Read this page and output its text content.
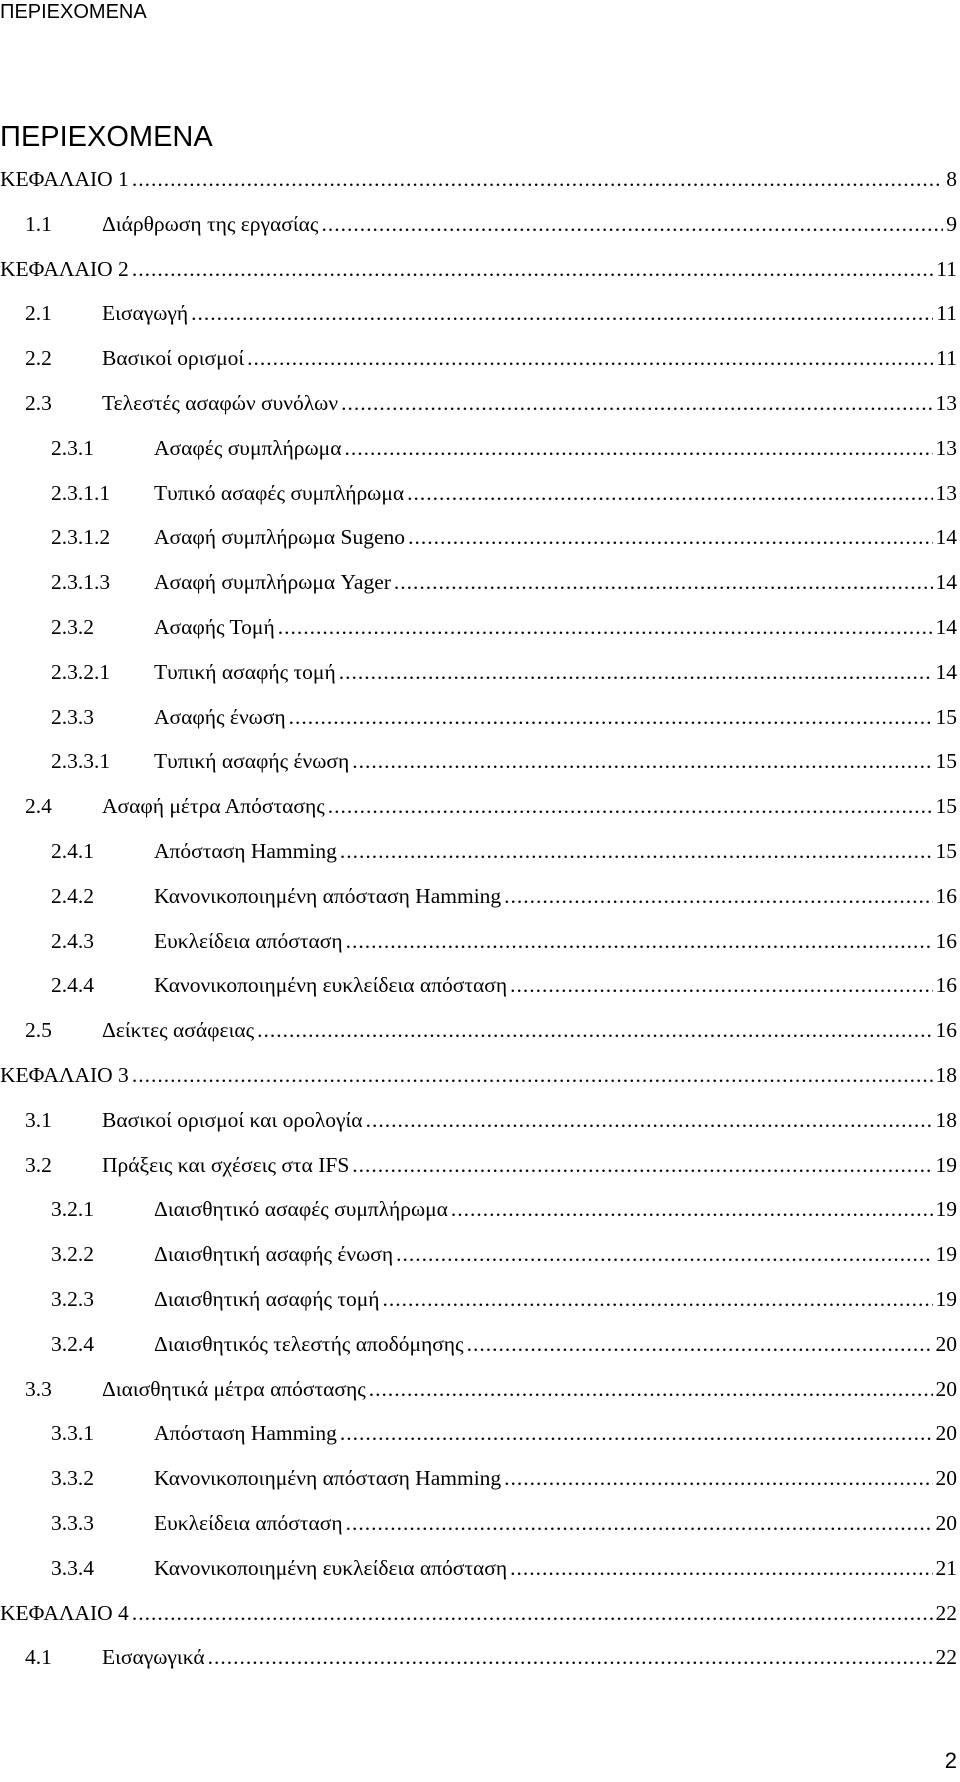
ΠΕΡΙΕΧΟΜΕΝΑ
ΠΕΡΙΕΧΟΜΕΝΑ
ΚΕΦΑΛΑΙΟ 1 .....	8
1.1	Διάρθρωση της εργασίας .....	9
ΚΕΦΑΛΑΙΟ 2 .....	11
2.1	Εισαγωγή .....	11
2.2	Βασικοί ορισμοί .....	11
2.3	Τελεστές ασαφών συνόλων .....	13
2.3.1	Ασαφές συμπλήρωμα .....	13
2.3.1.1	Τυπικό ασαφές συμπλήρωμα .....	13
2.3.1.2	Ασαφή συμπλήρωμα Sugeno .....	14
2.3.1.3	Ασαφή συμπλήρωμα Yager .....	14
2.3.2	Ασαφής Τομή .....	14
2.3.2.1	Τυπική ασαφής τομή .....	14
2.3.3	Ασαφής ένωση .....	15
2.3.3.1	Τυπική ασαφής ένωση .....	15
2.4	Ασαφή μέτρα Απόστασης .....	15
2.4.1	Απόσταση Hamming .....	15
2.4.2	Κανονικοποιημένη απόσταση Hamming .....	16
2.4.3	Ευκλείδεια απόσταση .....	16
2.4.4	Κανονικοποιημένη ευκλείδεια απόσταση .....	16
2.5	Δείκτες ασάφειας .....	16
ΚΕΦΑΛΑΙΟ 3 .....	18
3.1	Βασικοί ορισμοί και ορολογία .....	18
3.2	Πράξεις και σχέσεις στα IFS .....	19
3.2.1	Διαισθητικό ασαφές συμπλήρωμα .....	19
3.2.2	Διαισθητική ασαφής ένωση .....	19
3.2.3	Διαισθητική ασαφής τομή .....	19
3.2.4	Διαισθητικός τελεστής αποδόμησης .....	20
3.3	Διαισθητικά μέτρα απόστασης .....	20
3.3.1	Απόσταση Hamming .....	20
3.3.2	Κανονικοποιημένη απόσταση Hamming .....	20
3.3.3	Ευκλείδεια απόσταση .....	20
3.3.4	Κανονικοποιημένη ευκλείδεια απόσταση .....	21
ΚΕΦΑΛΑΙΟ 4 .....	22
4.1	Εισαγωγικά .....	22
2
